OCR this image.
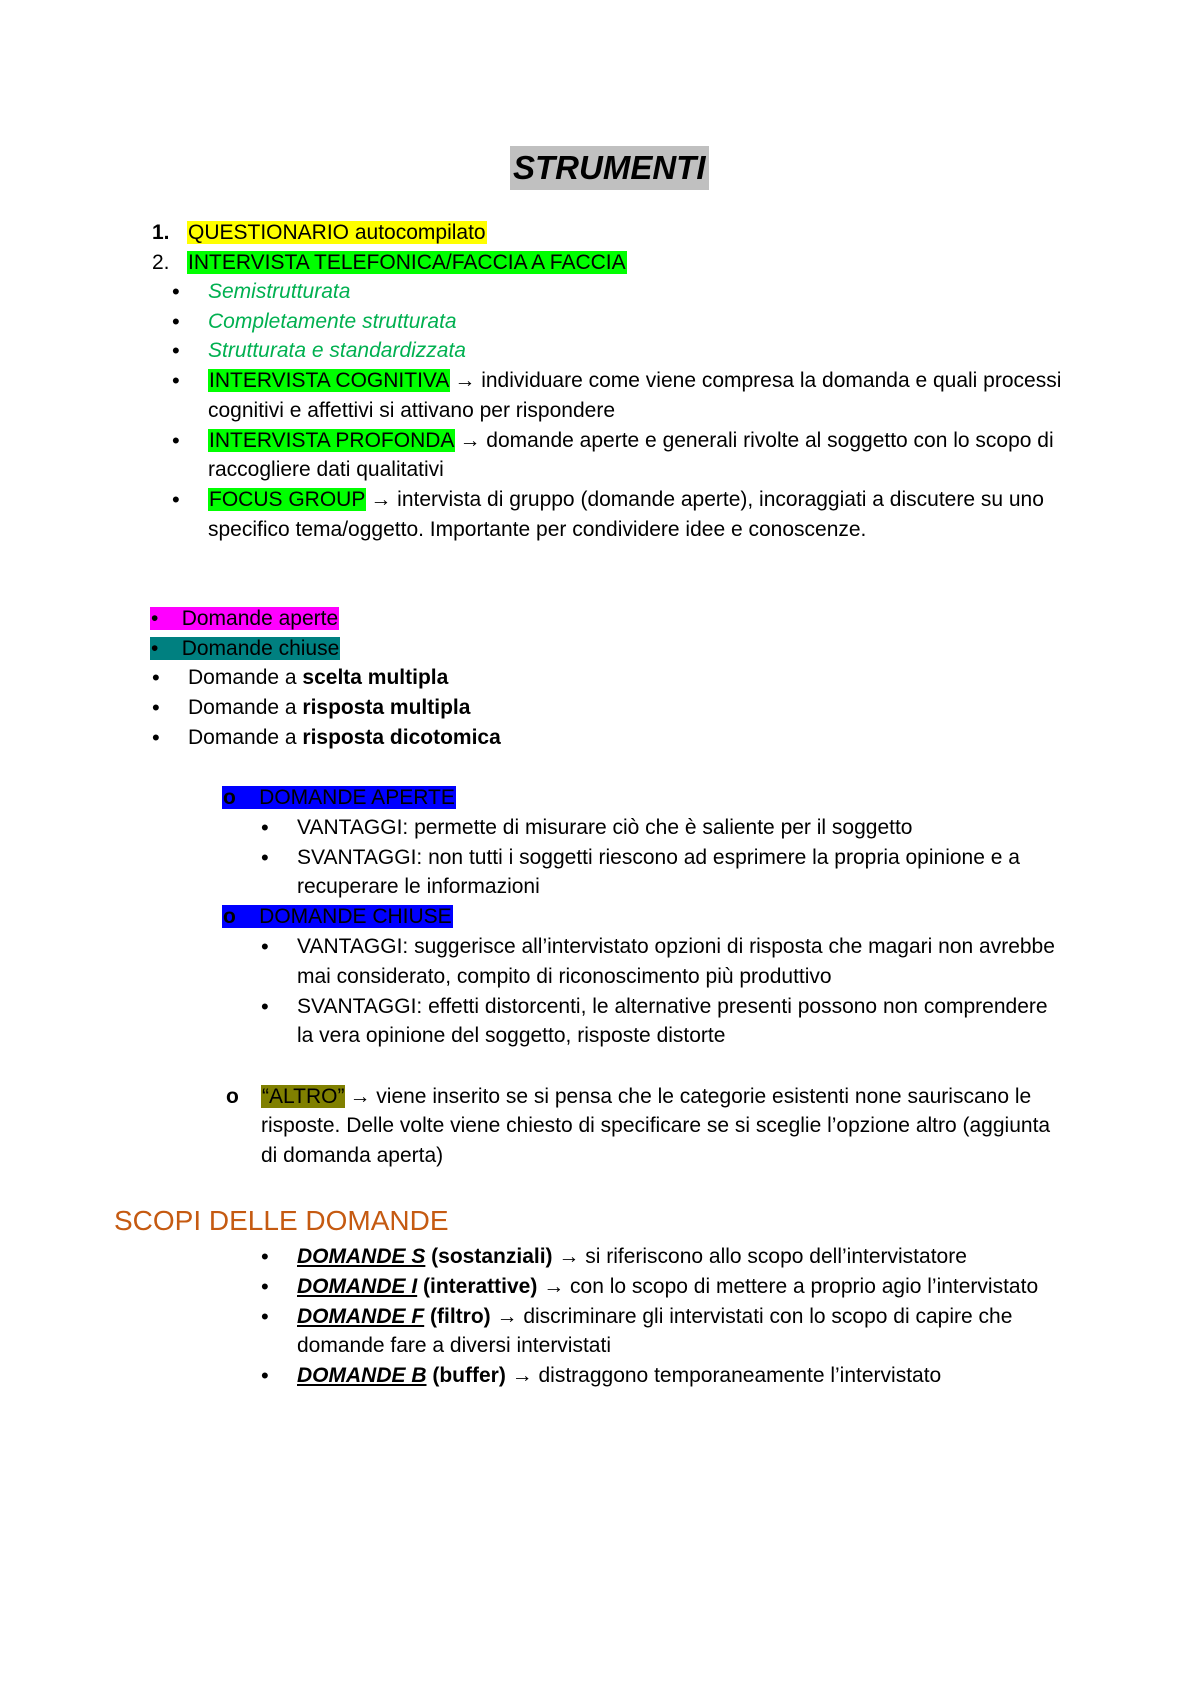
STRUMENTI
1. QUESTIONARIO autocompilato
2. INTERVISTA TELEFONICA/FACCIA A FACCIA
• Semistrutturata
• Completamente strutturata
• Strutturata e standardizzata
• INTERVISTA COGNITIVA → individuare come viene compresa la domanda e quali processi
cognitivi e affettivi si attivano per rispondere
• INTERVISTA PROFONDA → domande aperte e generali rivolte al soggetto con lo scopo di
raccogliere dati qualitativi
• FOCUS GROUP → intervista di gruppo (domande aperte), incoraggiati a discutere su uno
specifico tema/oggetto. Importante per condividere idee e conoscenze.
• Domande aperte
• Domande chiuse
• Domande a scelta multipla
• Domande a risposta multipla
• Domande a risposta dicotomica
o DOMANDE APERTE
• VANTAGGI: permette di misurare ciò che è saliente per il soggetto
• SVANTAGGI: non tutti i soggetti riescono ad esprimere la propria opinione e a
recuperare le informazioni
o DOMANDE CHIUSE
• VANTAGGI: suggerisce all’intervistato opzioni di risposta che magari non avrebbe
mai considerato, compito di riconoscimento più produttivo
• SVANTAGGI: effetti distorcenti, le alternative presenti possono non comprendere
la vera opinione del soggetto, risposte distorte
o “ALTRO” → viene inserito se si pensa che le categorie esistenti none sauriscano le
risposte. Delle volte viene chiesto di specificare se si sceglie l’opzione altro (aggiunta
di domanda aperta)
SCOPI DELLE DOMANDE
• DOMANDE S (sostanziali) → si riferiscono allo scopo dell’intervistatore
• DOMANDE I (interattive) → con lo scopo di mettere a proprio agio l’intervistato
• DOMANDE F (filtro) → discriminare gli intervistati con lo scopo di capire che
domande fare a diversi intervistati
• DOMANDE B (buffer) → distraggono temporaneamente l’intervistato
